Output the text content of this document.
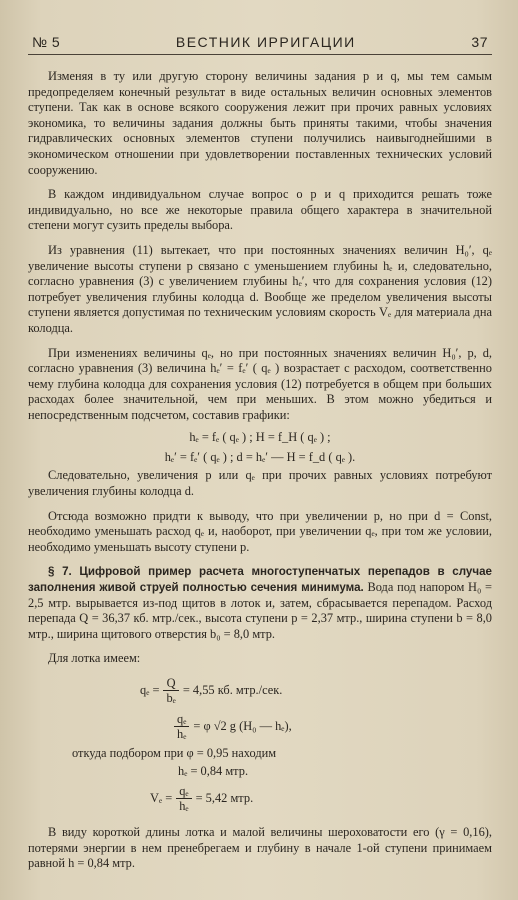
№ 5	ВЕСТНИК ИРРИГАЦИИ	37

Изменяя в ту или другую сторону величины задания р и q, мы тем самым предопределяем конечный результат в виде остальных величин основных элементов ступени. Так как в основе всякого сооружения лежит при прочих равных условиях экономика, то величины задания должны быть приняты такими, чтобы значения гидравлических основных элементов ступени получились наивыгоднейшими в экономическом отношении при удовлетворении поставленных технических условий сооружению.

В каждом индивидуальном случае вопрос о р и q приходится решать тоже индивидуально, но все же некоторые правила общего характера в значительной степени могут сузить пределы выбора.

Из уравнения (11) вытекает, что при постоянных значениях величин H₀′, qₑ увеличение высоты ступени р связано с уменьшением глубины hₑ и, следовательно, согласно уравнения (3) с увеличением глубины hₑ′, что для сохранения условия (12) потребует увеличения глубины колодца d. Вообще же пределом увеличения высоты ступени является допустимая по техническим условиям скорость Vₑ для материала дна колодца.

При изменениях величины qₑ, но при постоянных значениях величин H₀′, р, d, согласно уравнения (3) величина hₑ′ = fₑ′ ( qₑ ) возрастает с расходом, соответственно чему глубина колодца для сохранения условия (12) потребуется в общем при больших расходах более значительной, чем при меньших. В этом можно убедиться и непосредственным подсчетом, составив графики:

hₑ = fₑ ( qₑ ) ; H = f_H ( qₑ ) ;
hₑ′ = fₑ′ ( qₑ ) ; d = hₑ′ — H = f_d ( qₑ ).

Следовательно, увеличения р или qₑ при прочих равных условиях потребуют увеличения глубины колодца d.

Отсюда возможно придти к выводу, что при увеличении р, но при d = Const, необходимо уменьшать расход qₑ и, наоборот, при увеличении qₑ, при том же условии, необходимо уменьшать высоту ступени р.

§ 7. Цифровой пример расчета многоступенчатых перепадов в случае заполнения живой струей полностью сечения минимума. Вода под напором H₀ = 2,5 мтр. вырывается из-под щитов в лоток и, затем, сбрасывается перепадом. Расход перепада Q = 36,37 кб. мтр./сек., высота ступени р = 2,37 мтр., ширина ступени b = 8,0 мтр., ширина щитового отверстия b₀ = 8,0 мтр.

Для лотка имеем:

$q_e = \frac{Q}{\text{bₑ}} = 4,55$ кб. мтр./сек.
$\frac{\text{qₑ}}{\text{hₑ}} = \varphi$ √2 g (H₀ — hₑ),
откуда подбором при φ = 0,95 находим
hₑ = 0,84 мтр.
$V_e = \frac{\text{qₑ}}{\text{hₑ}} = 5,42$ мтр.

В виду короткой длины лотка и малой величины шероховатости его (γ = 0,16), потерями энергии в нем пренебрегаем и глубину в начале 1-ой ступени принимаем равной h = 0,84 мтр.
